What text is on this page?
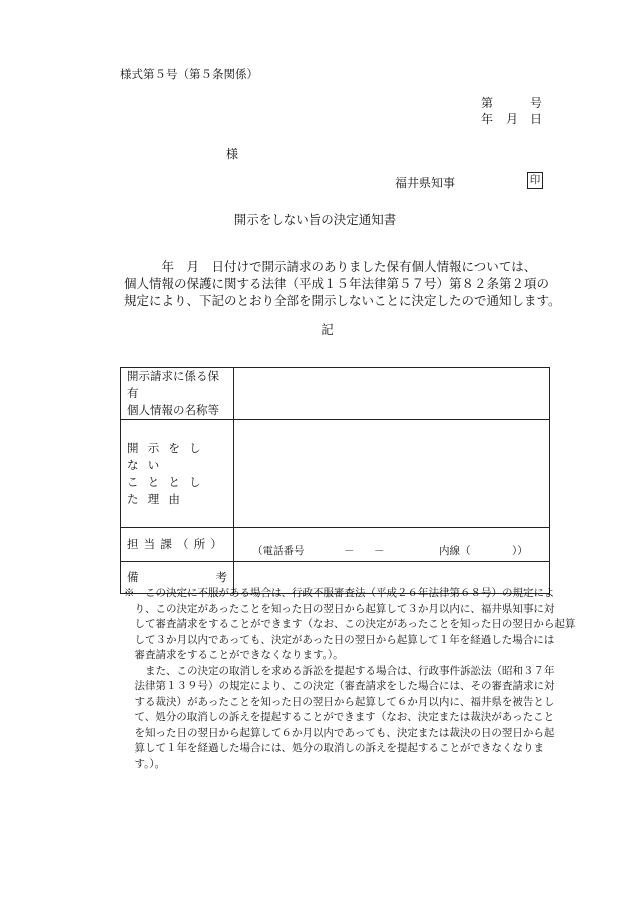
様式第５号（第５条関係）
第	号
年 月 日
様
福井県知事	印
開示をしない旨の決定通知書
　　　年　月　日付けで開示請求のありました保有個人情報については、
個人情報の保護に関する法律（平成１５年法律第５７号）第８２条第２項の
規定により、下記のとおり全部を開示しないことに決定したので通知します。
記
開示請求に係る保有
個人情報の名称等	

開示をしない
こととした理由	

担当課（所）	（電話番号 － － 内線（ ））

備 考	

※　この決定に不服がある場合は、行政不服審査法（平成２６年法律第６８号）の規定によ
　り、この決定があったことを知った日の翌日から起算して３か月以内に、福井県知事に対
　して審査請求をすることができます（なお、この決定があったことを知った日の翌日から起算
　して３か月以内であっても、決定があった日の翌日から起算して１年を経過した場合には
　審査請求をすることができなくなります。）。
　　また、この決定の取消しを求める訴訟を提起する場合は、行政事件訴訟法（昭和３７年
　法律第１３９号）の規定により、この決定（審査請求をした場合には、その審査請求に対
　する裁決）があったことを知った日の翌日から起算して６か月以内に、福井県を被告とし
　て、処分の取消しの訴えを提起することができます（なお、決定または裁決があったこと
　を知った日の翌日から起算して６か月以内であっても、決定または裁決の日の翌日から起
　算して１年を経過した場合には、処分の取消しの訴えを提起することができなくなりま
　す。）。
